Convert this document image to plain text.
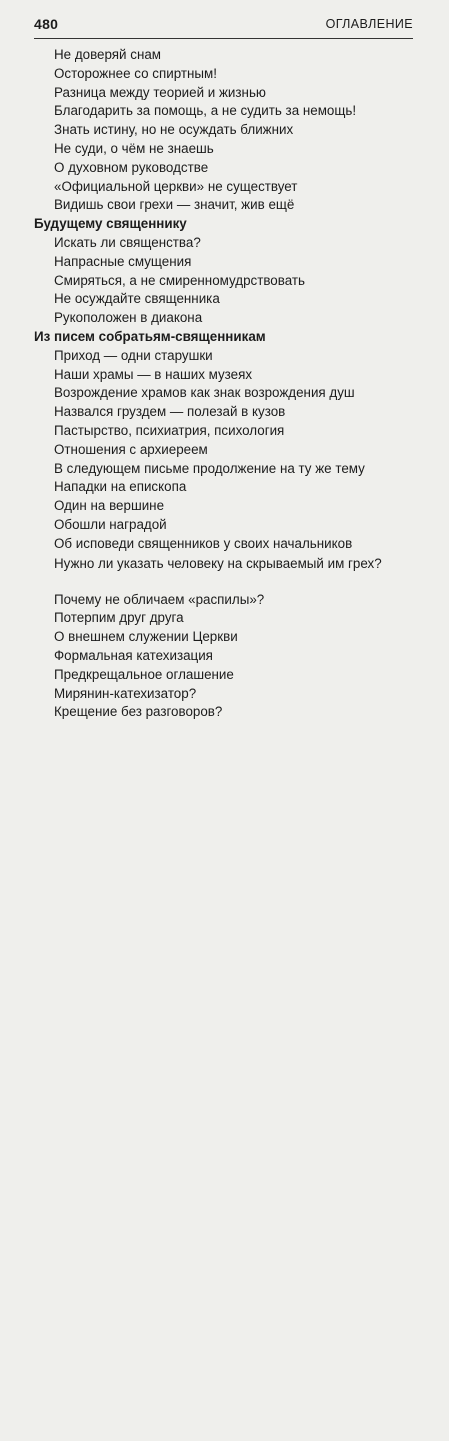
480	ОГЛАВЛЕНИЕ
Не доверяй снам
Осторожнее со спиртным!
Разница между теорией и жизнью
Благодарить за помощь, а не судить за немощь!
Знать истину, но не осуждать ближних
Не суди, о чём не знаешь
О духовном руководстве
«Официальной церкви» не существует
Видишь свои грехи — значит, жив ещё
Будущему священнику
Искать ли священства?
Напрасные смущения
Смиряться, а не смиренномудрствовать
Не осуждайте священника
Рукоположен в диакона
Из писем собратьям-священникам
Приход — одни старушки
Наши храмы — в наших музеях
Возрождение храмов как знак возрождения душ
Назвался груздем — полезай в кузов
Пастырство, психиатрия, психология
Отношения с архиереем
В следующем письме продолжение на ту же тему
Нападки на епископа
Один на вершине
Обошли наградой
Об исповеди священников у своих начальников
Нужно ли указать человеку на скрываемый им грех?
Почему не обличаем «распилы»?
Потерпим друг друга
О внешнем служении Церкви
Формальная катехизация
Предкрещальное оглашение
Мирянин-катехизатор?
Крещение без разговоров?
